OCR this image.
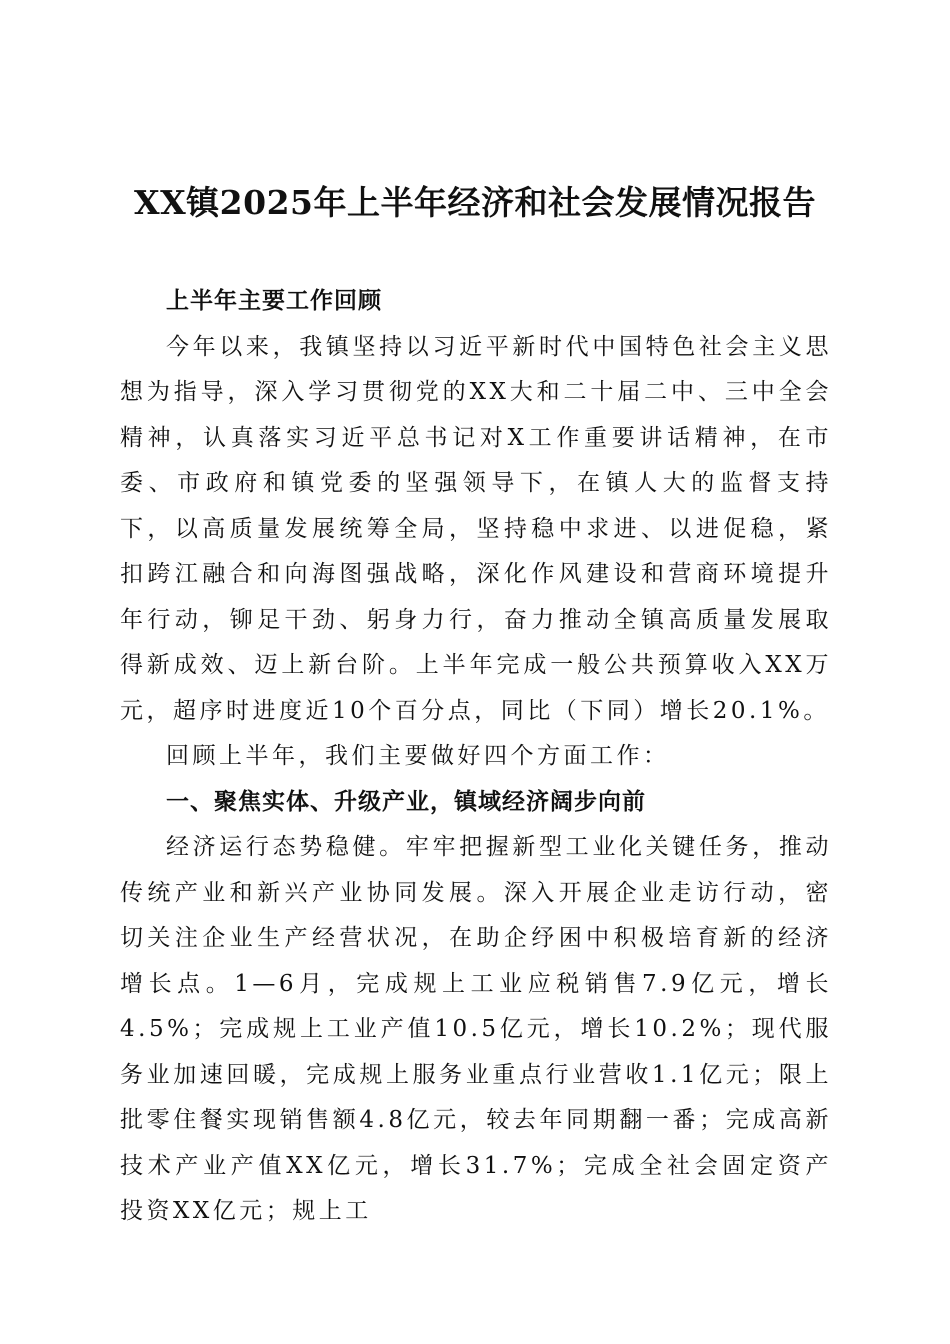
XX镇2025年上半年经济和社会发展情况报告

上半年主要工作回顾

今年以来，我镇坚持以习近平新时代中国特色社会主义思想为指导，深入学习贯彻党的XX大和二十届二中、三中全会精神，认真落实习近平总书记对X工作重要讲话精神，在市委、市政府和镇党委的坚强领导下，在镇人大的监督支持下，以高质量发展统筹全局，坚持稳中求进、以进促稳，紧扣跨江融合和向海图强战略，深化作风建设和营商环境提升年行动，铆足干劲、躬身力行，奋力推动全镇高质量发展取得新成效、迈上新台阶。上半年完成一般公共预算收入XX万元，超序时进度近10个百分点，同比（下同）增长20.1%。

回顾上半年，我们主要做好四个方面工作：

一、聚焦实体、升级产业，镇域经济阔步向前

经济运行态势稳健。牢牢把握新型工业化关键任务，推动传统产业和新兴产业协同发展。深入开展企业走访行动，密切关注企业生产经营状况，在助企纾困中积极培育新的经济增长点。1—6月，完成规上工业应税销售7.9亿元，增长4.5%；完成规上工业产值10.5亿元，增长10.2%；现代服务业加速回暖，完成规上服务业重点行业营收1.1亿元；限上批零住餐实现销售额4.8亿元，较去年同期翻一番；完成高新技术产业产值XX亿元，增长31.7%；完成全社会固定资产投资XX亿元；规上工
